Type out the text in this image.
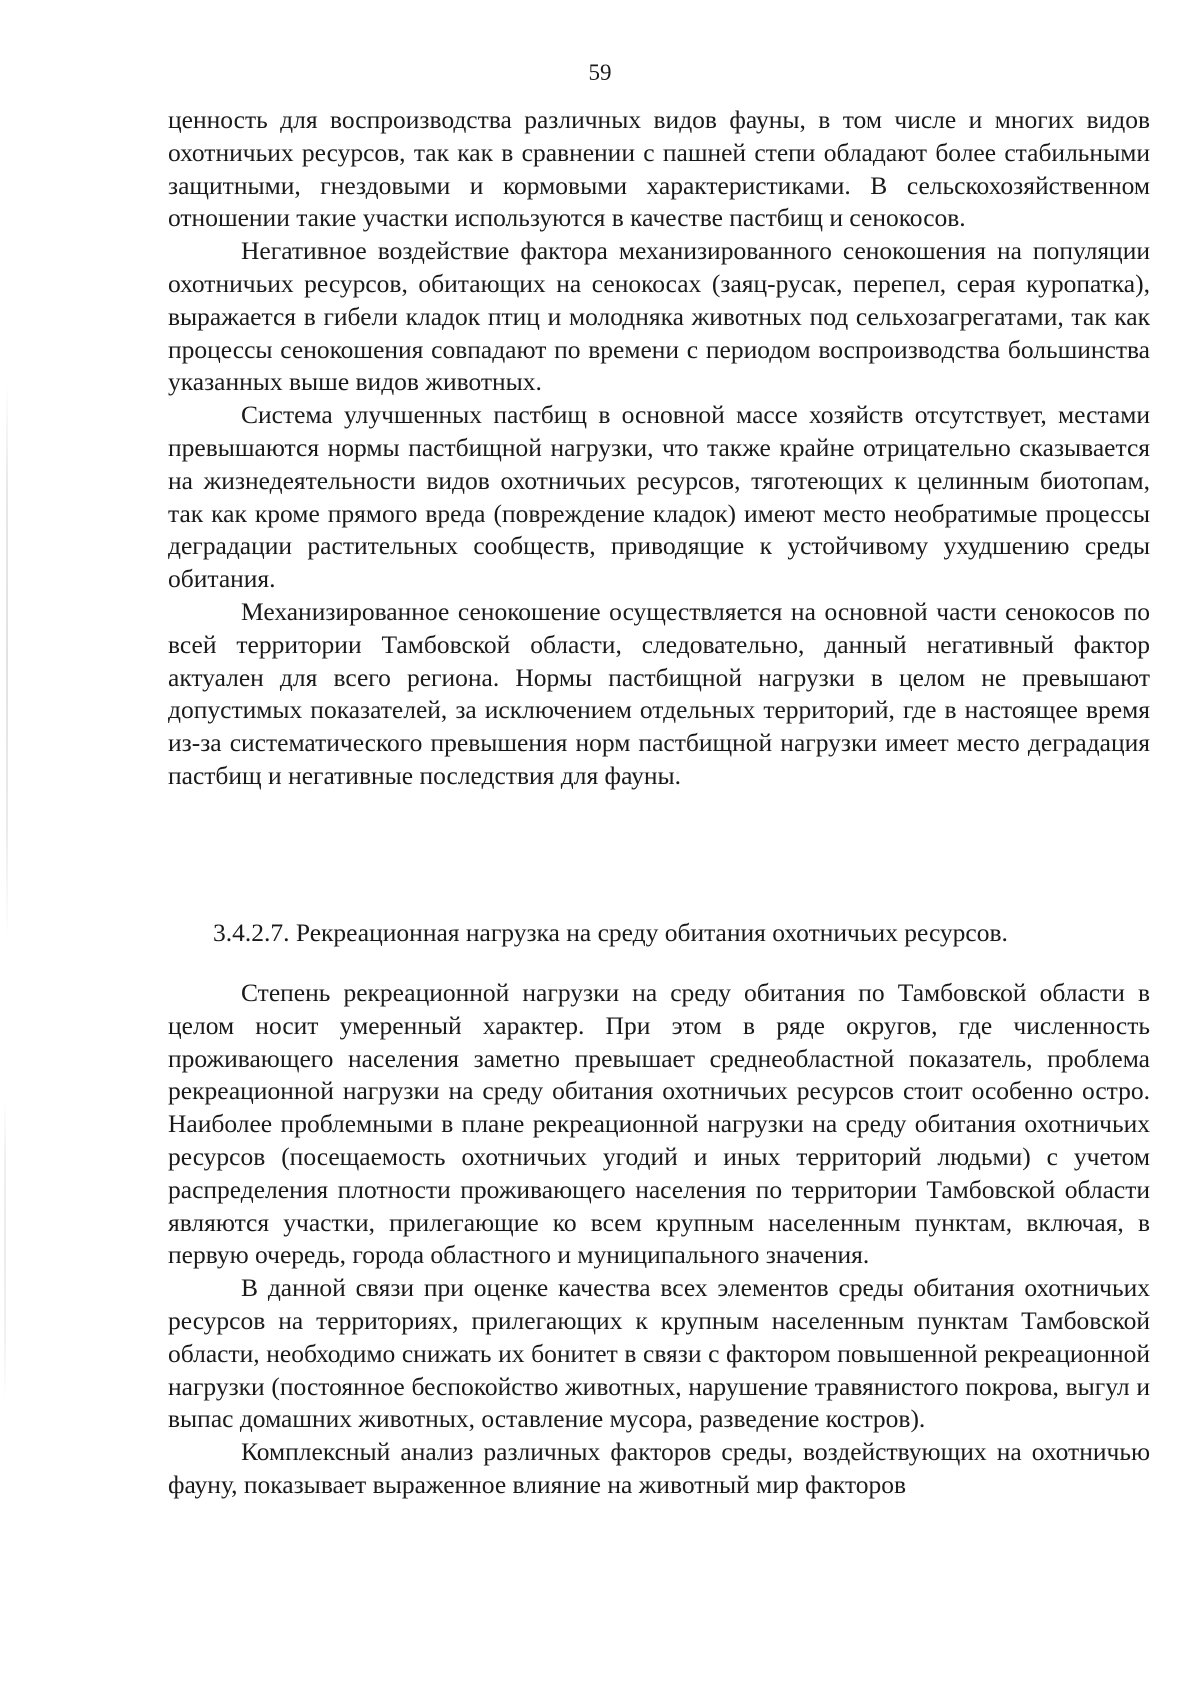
59

ценность для воспроизводства различных видов фауны, в том числе и многих видов охотничьих ресурсов, так как в сравнении с пашней степи обладают более стабильными защитными, гнездовыми и кормовыми характеристиками. В сельскохозяйственном отношении такие участки используются в качестве пастбищ и сенокосов.

Негативное воздействие фактора механизированного сенокошения на популяции охотничьих ресурсов, обитающих на сенокосах (заяц-русак, перепел, серая куропатка), выражается в гибели кладок птиц и молодняка животных под сельхозагрегатами, так как процессы сенокошения совпадают по времени с периодом воспроизводства большинства указанных выше видов животных.

Система улучшенных пастбищ в основной массе хозяйств отсутствует, местами превышаются нормы пастбищной нагрузки, что также крайне отрицательно сказывается на жизнедеятельности видов охотничьих ресурсов, тяготеющих к целинным биотопам, так как кроме прямого вреда (повреждение кладок) имеют место необратимые процессы деградации растительных сообществ, приводящие к устойчивому ухудшению среды обитания.

Механизированное сенокошение осуществляется на основной части сенокосов по всей территории Тамбовской области, следовательно, данный негативный фактор актуален для всего региона. Нормы пастбищной нагрузки в целом не превышают допустимых показателей, за исключением отдельных территорий, где в настоящее время из-за систематического превышения норм пастбищной нагрузки имеет место деградация пастбищ и негативные последствия для фауны.

3.4.2.7. Рекреационная нагрузка на среду обитания охотничьих ресурсов.

Степень рекреационной нагрузки на среду обитания по Тамбовской области в целом носит умеренный характер. При этом в ряде округов, где численность проживающего населения заметно превышает среднеобластной показатель, проблема рекреационной нагрузки на среду обитания охотничьих ресурсов стоит особенно остро. Наиболее проблемными в плане рекреационной нагрузки на среду обитания охотничьих ресурсов (посещаемость охотничьих угодий и иных территорий людьми) с учетом распределения плотности проживающего населения по территории Тамбовской области являются участки, прилегающие ко всем крупным населенным пунктам, включая, в первую очередь, города областного и муниципального значения.

В данной связи при оценке качества всех элементов среды обитания охотничьих ресурсов на территориях, прилегающих к крупным населенным пунктам Тамбовской области, необходимо снижать их бонитет в связи с фактором повышенной рекреационной нагрузки (постоянное беспокойство животных, нарушение травянистого покрова, выгул и выпас домашних животных, оставление мусора, разведение костров).

Комплексный анализ различных факторов среды, воздействующих на охотничью фауну, показывает выраженное влияние на животный мир факторов
